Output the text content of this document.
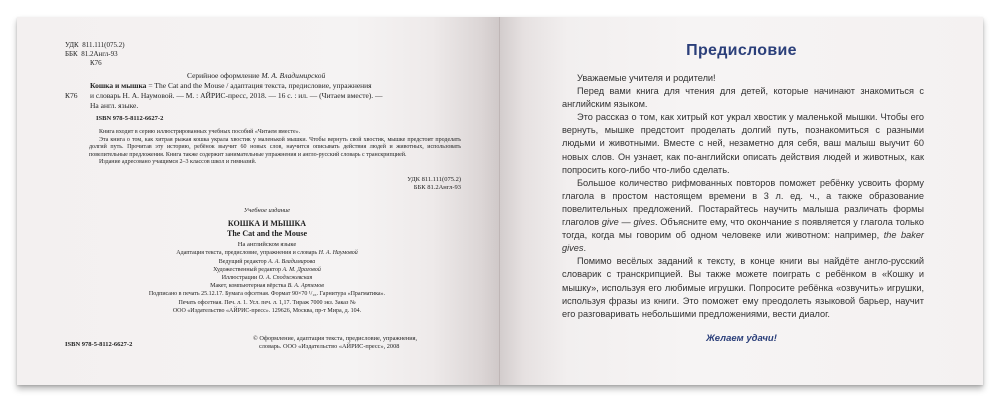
УДК 811.111(075.2)
ББК 81.2Англ-93
К76
Серийное оформление М. А. Владимирской
Кошка и мышка = The Cat and the Mouse / адаптация текста, предисловие, упражнения
К76	и словарь Н. А. Наумовой. — М. : АЙРИС-пресс, 2018. — 16 с. : ил. — (Читаем вместе). —
На англ. языке.
ISBN 978-5-8112-6627-2

Книга входит в серию иллюстрированных учебных пособий «Читаем вместе».

Эта книга о том, как хитрая рыжая кошка украла хвостик у маленькой мышки. Чтобы вернуть свой хвостик, мышке предстоит проделать долгий путь. Прочитав эту историю, ребёнок выучит 60 новых слов, научится описывать действия людей и животных, использовать повелительные предложения. Книга также содержит занимательные упражнения и англо-русский словарь с транскрипцией.

Издание адресовано учащимся 2–3 классов школ и гимназий.

УДК 811.111(075.2)
ББК 81.2Англ-93
Учебное издание
КОШКА И МЫШКА
The Cat and the Mouse
На английском языке
Адаптация текста, предисловие, упражнения и словарь Н. А. Наумовой
Ведущий редактор А. А. Владимирова
Художественный редактор А. М. Драговой
Иллюстрации О. А. Сподзежевская
Макет, компьютерная вёрстка В. А. Артемов
Подписано в печать 25.12.17. Бумага офсетная. Формат 90×70 ¹/₁₆. Гарнитура «Прагматика».
Печать офсетная. Печ. л. 1. Усл. печ. л. 1,17. Тираж 7000 экз. Заказ №
ООО «Издательство «АЙРИС-пресс». 129626, Москва, пр-т Мира, д. 104.
ISBN 978-5-8112-6627-2
© Оформление, адаптация текста, предисловие, упражнения,
словарь. ООО «Издательство «АЙРИС-пресс», 2008
Предисловие

Уважаемые учителя и родители!

Перед вами книга для чтения для детей, которые начинают знакомиться с английским языком.

Это рассказ о том, как хитрый кот украл хвостик у маленькой мышки. Чтобы его вернуть, мышке предстоит проделать долгий путь, познакомиться с разными людьми и животными. Вместе с ней, незаметно для себя, ваш малыш выучит 60 новых слов. Он узнает, как по-английски описать действия людей и животных, как попросить кого-либо что-либо сделать.

Большое количество рифмованных повторов поможет ребёнку усвоить форму глагола в простом настоящем времени в 3 л. ед. ч., а также образование повелительных предложений. Постарайтесь научить малыша различать формы глаголов give — gives. Объясните ему, что окончание s появляется у глагола только тогда, когда мы говорим об одном человеке или животном: например, the baker gives.

Помимо весёлых заданий к тексту, в конце книги вы найдёте англо-русский словарик с транскрипцией. Вы также можете поиграть с ребёнком в «Кошку и мышку», используя его любимые игрушки. Попросите ребёнка «озвучить» игрушки, используя фразы из книги. Это поможет ему преодолеть языковой барьер, научит его разговаривать небольшими предложениями, вести диалог.

Желаем удачи!
